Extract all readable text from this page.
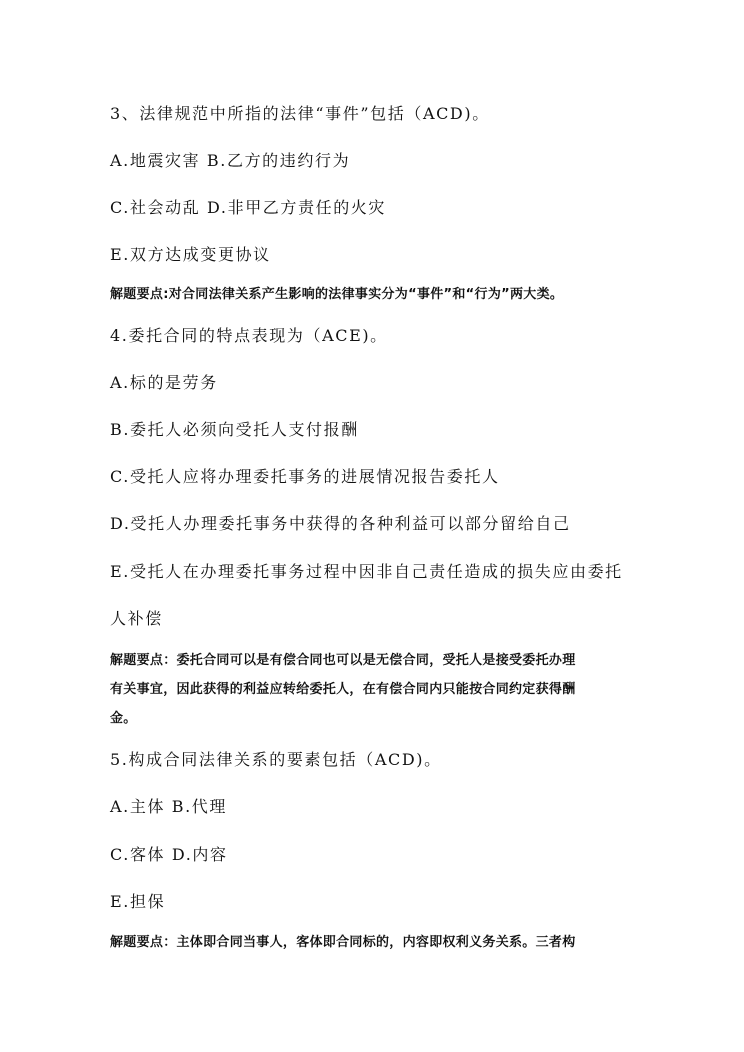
3、法律规范中所指的法律“事件”包括（ACD)。

A.地震灾害 B.乙方的违约行为

C.社会动乱 D.非甲乙方责任的火灾

E.双方达成变更协议

解题要点:对合同法律关系产生影响的法律事实分为“事件”和“行为”两大类。

4.委托合同的特点表现为（ACE)。

A.标的是劳务

B.委托人必须向受托人支付报酬

C.受托人应将办理委托事务的进展情况报告委托人

D.受托人办理委托事务中获得的各种利益可以部分留给自己

E.受托人在办理委托事务过程中因非自己责任造成的损失应由委托

人补偿

解题要点：委托合同可以是有偿合同也可以是无偿合同，受托人是接受委托办理

有关事宜，因此获得的利益应转给委托人，在有偿合同内只能按合同约定获得酬

金。

5.构成合同法律关系的要素包括（ACD)。

A.主体 B.代理

C.客体 D.内容

E.担保

解题要点：主体即合同当事人，客体即合同标的，内容即权利义务关系。三者构
